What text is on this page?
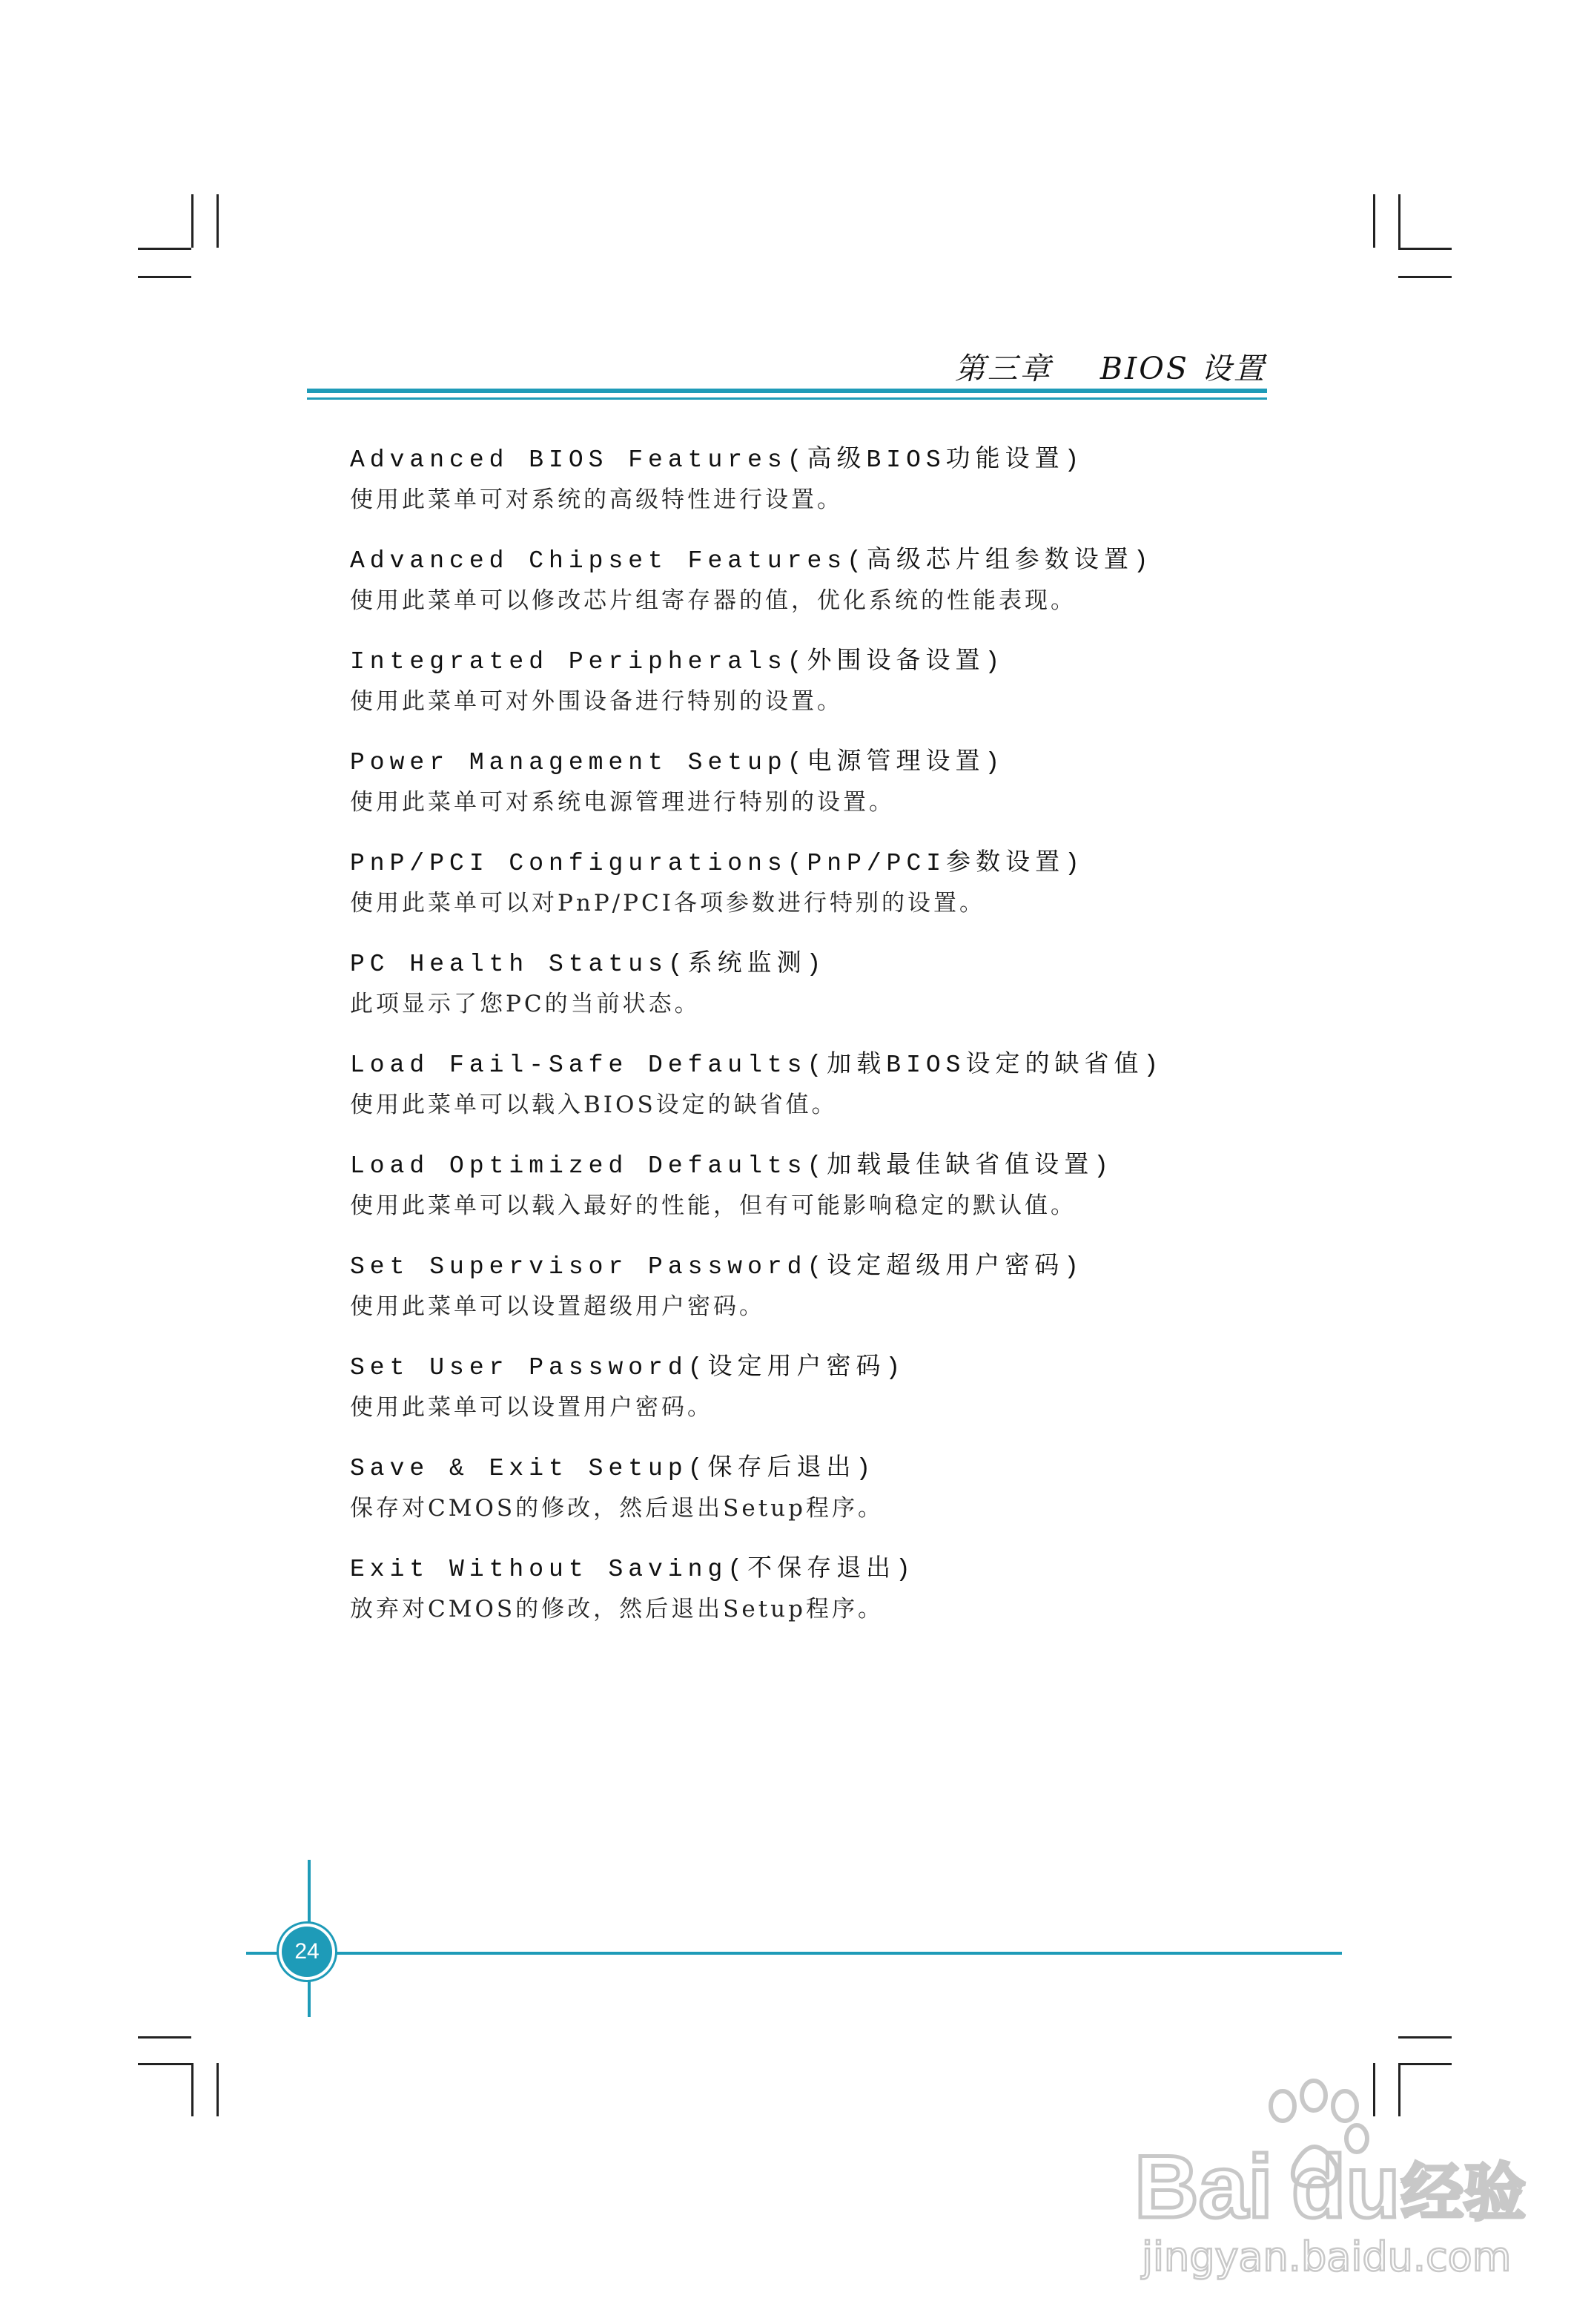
第三章    BIOS 设置
Advanced BIOS Features(高级BIOS功能设置)
使用此菜单可对系统的高级特性进行设置。
Advanced Chipset Features(高级芯片组参数设置)
使用此菜单可以修改芯片组寄存器的值，优化系统的性能表现。
Integrated Peripherals(外围设备设置)
使用此菜单可对外围设备进行特别的设置。
Power Management Setup(电源管理设置)
使用此菜单可对系统电源管理进行特别的设置。
PnP/PCI Configurations(PnP/PCI参数设置)
使用此菜单可以对PnP/PCI各项参数进行特别的设置。
PC Health Status(系统监测)
此项显示了您PC的当前状态。
Load Fail-Safe Defaults(加载BIOS设定的缺省值)
使用此菜单可以载入BIOS设定的缺省值。
Load Optimized Defaults(加载最佳缺省值设置)
使用此菜单可以载入最好的性能，但有可能影响稳定的默认值。
Set Supervisor Password(设定超级用户密码)
使用此菜单可以设置超级用户密码。
Set User Password(设定用户密码)
使用此菜单可以设置用户密码。
Save & Exit Setup(保存后退出)
保存对CMOS的修改，然后退出Setup程序。
Exit Without Saving(不保存退出)
放弃对CMOS的修改，然后退出Setup程序。
24
Bai du 经验
jingyan.baidu.com
